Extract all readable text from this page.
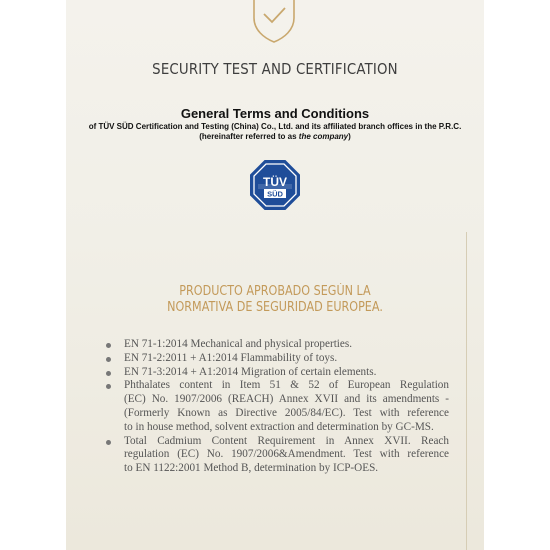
SECURITY TEST AND CERTIFICATION
General Terms and Conditions
of TÜV SÜD Certification and Testing (China) Co., Ltd. and its affiliated branch offices in the P.R.C.
(hereinafter referred to as the company)
TÜV
SÜD
PRODUCTO APROBADO SEGÚN LA
NORMATIVA DE SEGURIDAD EUROPEA.
EN 71-1:2014 Mechanical and physical properties.
EN 71-2:2011 + A1:2014 Flammability of toys.
EN 71-3:2014 + A1:2014 Migration of certain elements.
Phthalates content in Item 51 & 52 of European Regulation
(EC) No. 1907/2006 (REACH) Annex XVII and its amendments -
(Formerly Known as Directive 2005/84/EC). Test with reference
to in house method, solvent extraction and determination by GC-MS.
Total Cadmium Content Requirement in Annex XVII. Reach
regulation (EC) No. 1907/2006&Amendment. Test with reference
to EN 1122:2001 Method B, determination by ICP-OES.
